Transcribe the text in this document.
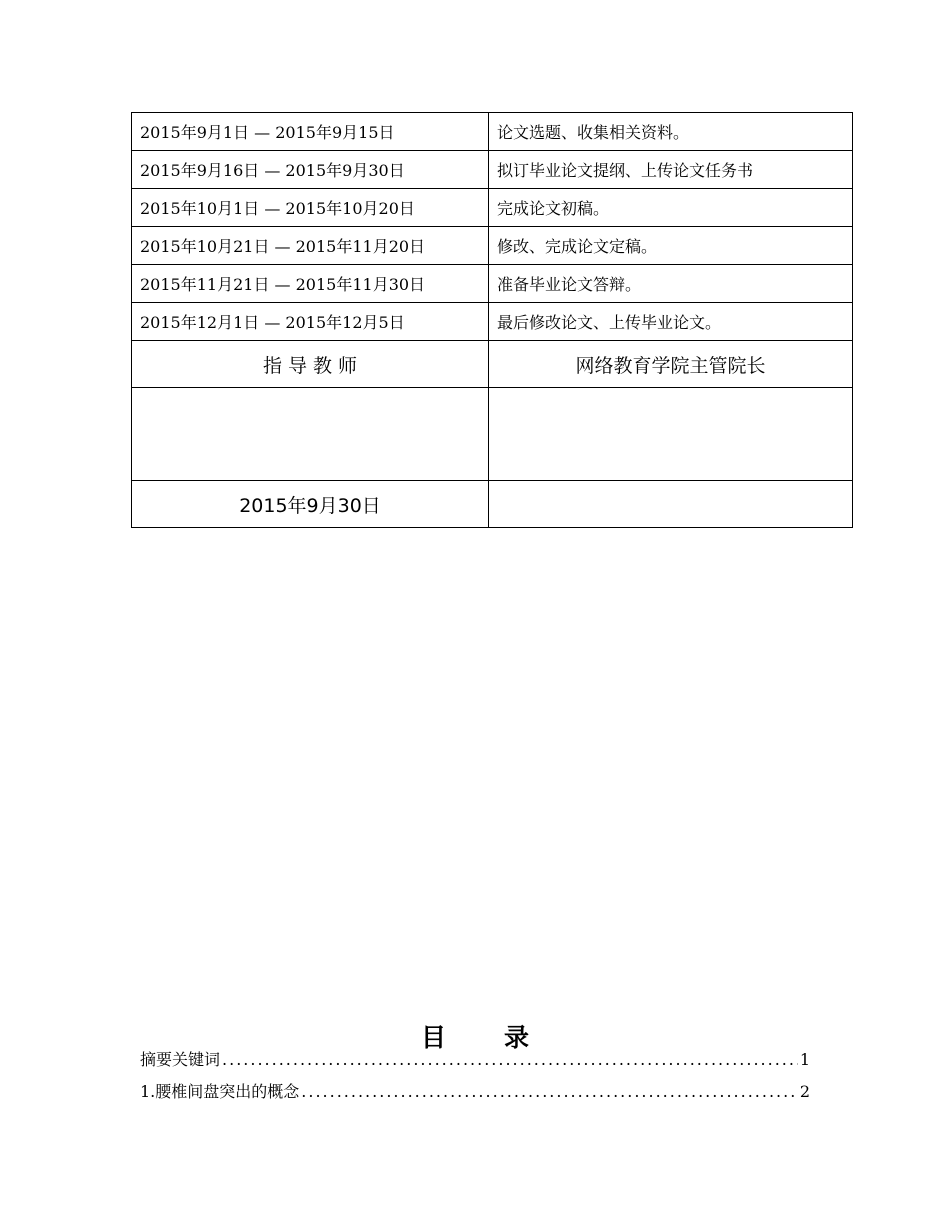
2015年9月1日 — 2015年9月15日	论文选题、收集相关资料。
2015年9月16日 — 2015年9月30日	拟订毕业论文提纲、上传论文任务书
2015年10月1日 — 2015年10月20日	完成论文初稿。
2015年10月21日 — 2015年11月20日	修改、完成论文定稿。
2015年11月21日 — 2015年11月30日	准备毕业论文答辩。
2015年12月1日 — 2015年12月5日	最后修改论文、上传毕业论文。
指 导 教 师	网络教育学院主管院长

2015年9月30日	
目录
摘要关键词 .....	1
1.腰椎间盘突出的概念 .....	2
